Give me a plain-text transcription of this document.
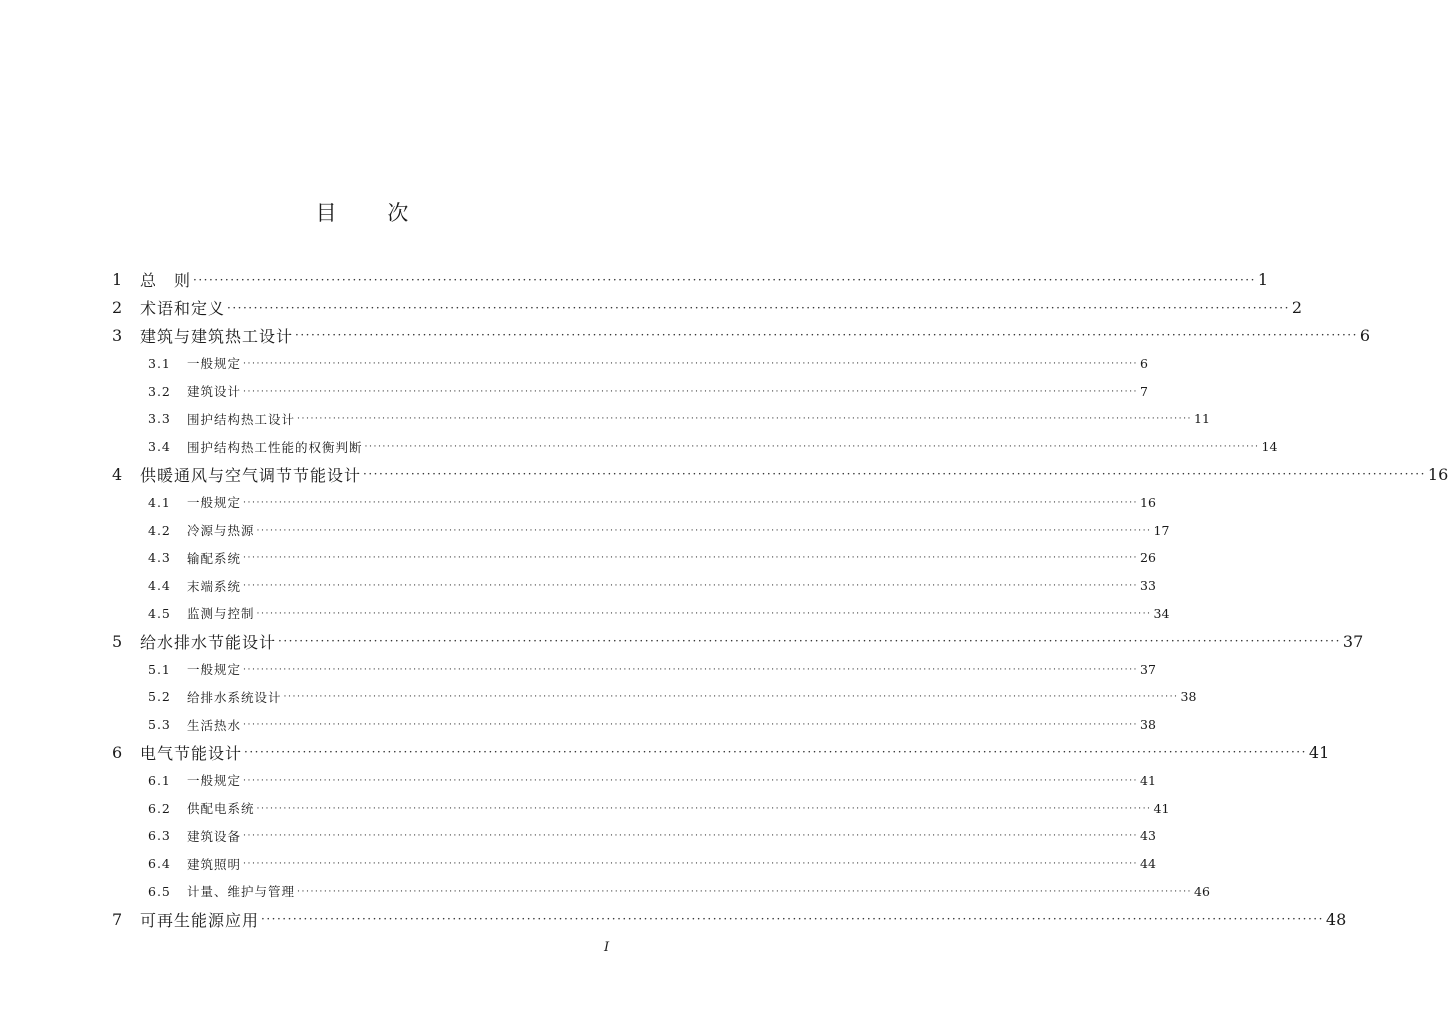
目 次
1 总　则 ········································································································································································································ 1
2 术语和定义 ········································································································································································································ 2
3 建筑与建筑热工设计 ········································································································································································································ 6
3.1 一般规定 ········································································································································································································ 6
3.2 建筑设计 ········································································································································································································ 7
3.3 围护结构热工设计 ········································································································································································································ 11
3.4 围护结构热工性能的权衡判断 ········································································································································································································ 14
4 供暖通风与空气调节节能设计 ········································································································································································································ 16
4.1 一般规定 ········································································································································································································ 16
4.2 冷源与热源 ········································································································································································································ 17
4.3 输配系统 ········································································································································································································ 26
4.4 末端系统 ········································································································································································································ 33
4.5 监测与控制 ········································································································································································································ 34
5 给水排水节能设计 ········································································································································································································ 37
5.1 一般规定 ········································································································································································································ 37
5.2 给排水系统设计 ········································································································································································································ 38
5.3 生活热水 ········································································································································································································ 38
6 电气节能设计 ········································································································································································································ 41
6.1 一般规定 ········································································································································································································ 41
6.2 供配电系统 ········································································································································································································ 41
6.3 建筑设备 ········································································································································································································ 43
6.4 建筑照明 ········································································································································································································ 44
6.5 计量、维护与管理 ········································································································································································································ 46
7 可再生能源应用 ········································································································································································································ 48
I
